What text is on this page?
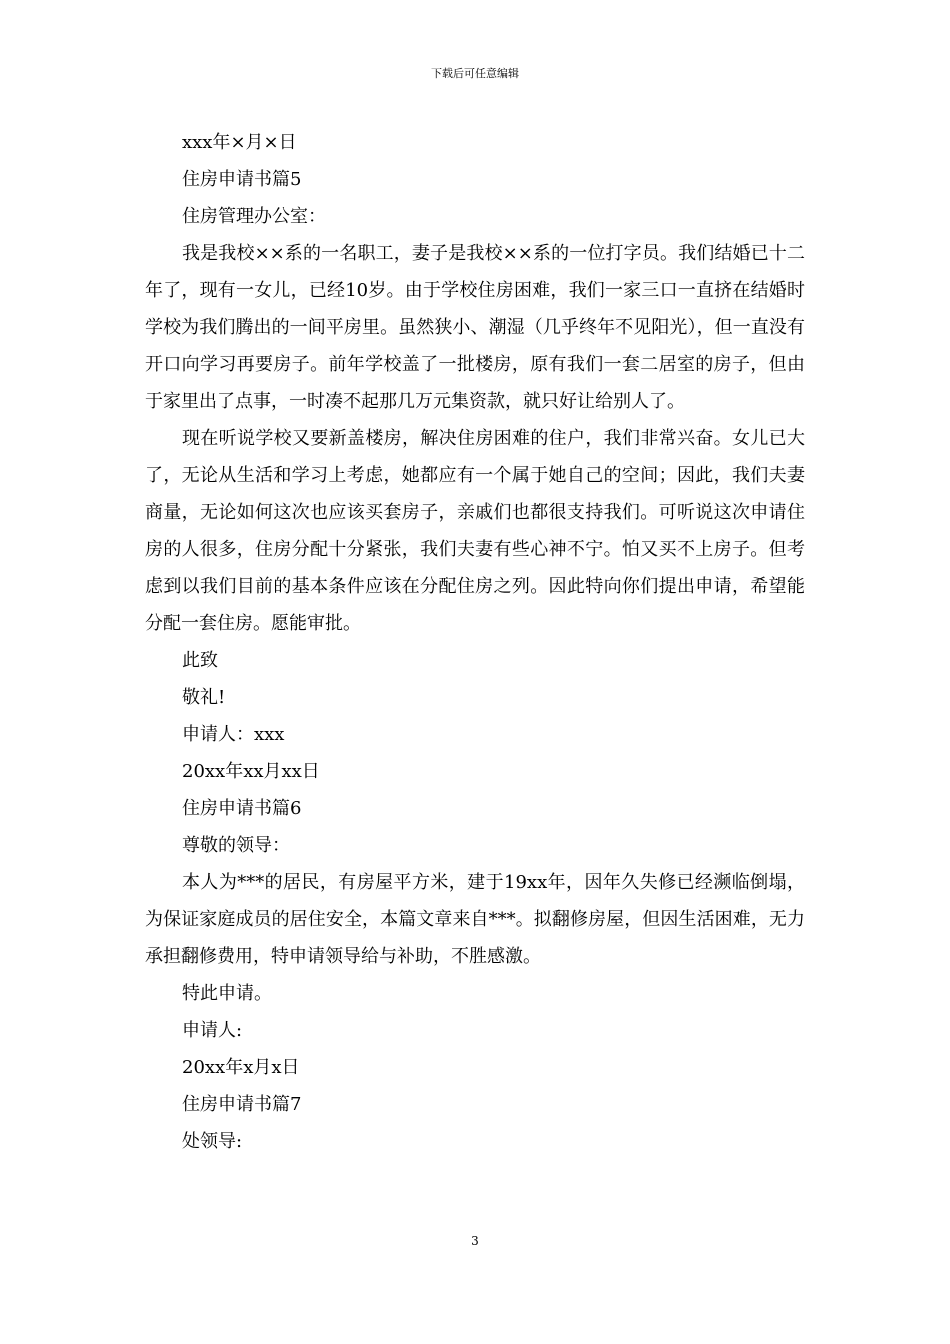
下载后可任意编辑

xxx年×月×日

住房申请书篇5

住房管理办公室：

我是我校××系的一名职工，妻子是我校××系的一位打字员。我们结婚已十二年了，现有一女儿，已经10岁。由于学校住房困难，我们一家三口一直挤在结婚时学校为我们腾出的一间平房里。虽然狭小、潮湿（几乎终年不见阳光），但一直没有开口向学习再要房子。前年学校盖了一批楼房，原有我们一套二居室的房子，但由于家里出了点事，一时凑不起那几万元集资款，就只好让给别人了。

现在听说学校又要新盖楼房，解决住房困难的住户，我们非常兴奋。女儿已大了，无论从生活和学习上考虑，她都应有一个属于她自己的空间；因此，我们夫妻商量，无论如何这次也应该买套房子，亲戚们也都很支持我们。可听说这次申请住房的人很多，住房分配十分紧张，我们夫妻有些心神不宁。怕又买不上房子。但考虑到以我们目前的基本条件应该在分配住房之列。因此特向你们提出申请，希望能分配一套住房。愿能审批。

此致

敬礼!

申请人：xxx

20xx年xx月xx日

住房申请书篇6

尊敬的领导：

本人为***的居民，有房屋平方米，建于19xx年，因年久失修已经濒临倒塌，为保证家庭成员的居住安全，本篇文章来自***。拟翻修房屋，但因生活困难，无力承担翻修费用，特申请领导给与补助，不胜感激。

特此申请。

申请人:

20xx年x月x日

住房申请书篇7

处领导:

3
